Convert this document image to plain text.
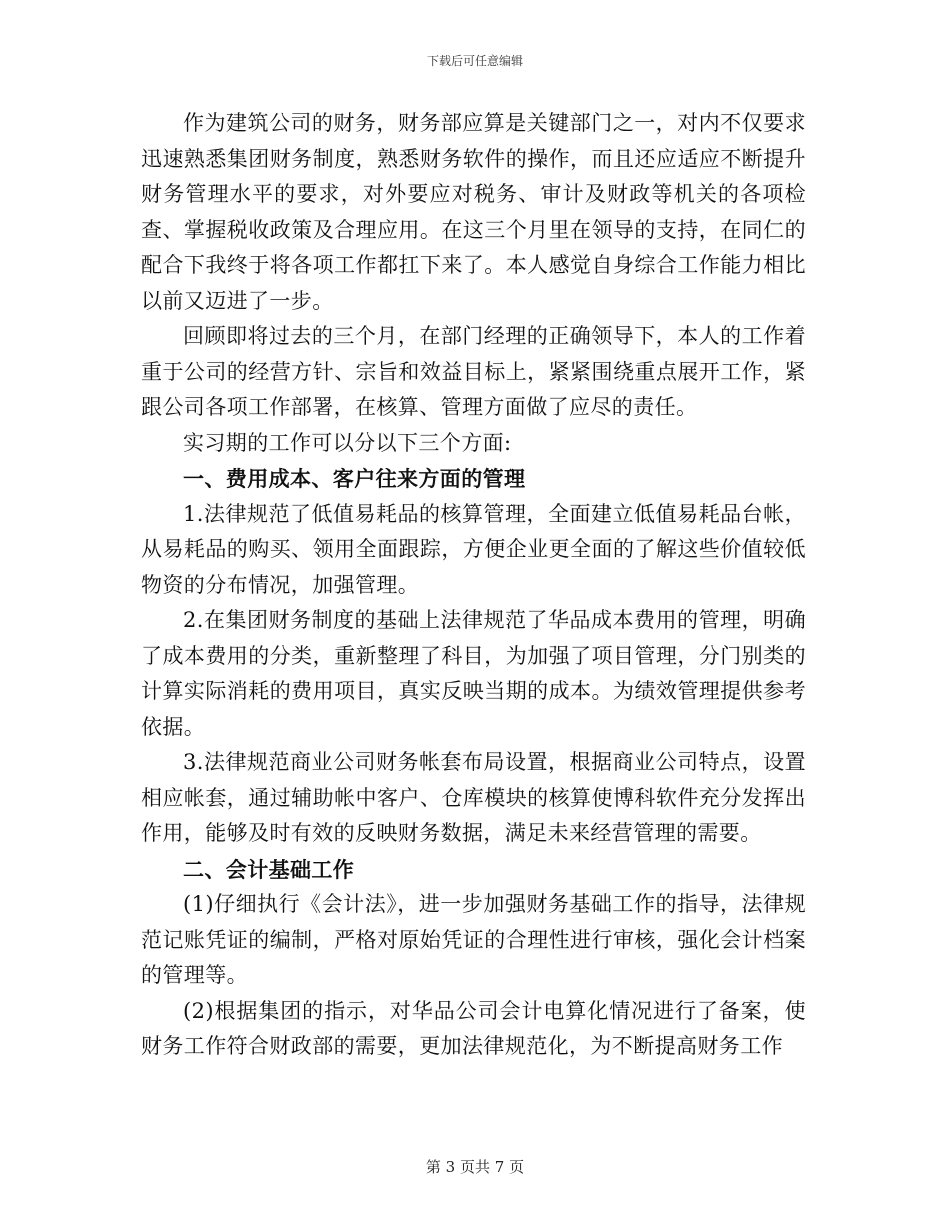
下载后可任意编辑

作为建筑公司的财务，财务部应算是关键部门之一，对内不仅要求迅速熟悉集团财务制度，熟悉财务软件的操作，而且还应适应不断提升财务管理水平的要求，对外要应对税务、审计及财政等机关的各项检查、掌握税收政策及合理应用。在这三个月里在领导的支持，在同仁的配合下我终于将各项工作都扛下来了。本人感觉自身综合工作能力相比以前又迈进了一步。

回顾即将过去的三个月，在部门经理的正确领导下，本人的工作着重于公司的经营方针、宗旨和效益目标上，紧紧围绕重点展开工作，紧跟公司各项工作部署，在核算、管理方面做了应尽的责任。

实习期的工作可以分以下三个方面:

一、费用成本、客户往来方面的管理

1.法律规范了低值易耗品的核算管理，全面建立低值易耗品台帐，从易耗品的购买、领用全面跟踪，方便企业更全面的了解这些价值较低物资的分布情况，加强管理。

2.在集团财务制度的基础上法律规范了华品成本费用的管理，明确了成本费用的分类，重新整理了科目，为加强了项目管理，分门别类的计算实际消耗的费用项目，真实反映当期的成本。为绩效管理提供参考依据。

3.法律规范商业公司财务帐套布局设置，根据商业公司特点，设置相应帐套，通过辅助帐中客户、仓库模块的核算使博科软件充分发挥出作用，能够及时有效的反映财务数据，满足未来经营管理的需要。

二、会计基础工作

(1)仔细执行《会计法》，进一步加强财务基础工作的指导，法律规范记账凭证的编制，严格对原始凭证的合理性进行审核，强化会计档案的管理等。

(2)根据集团的指示，对华品公司会计电算化情况进行了备案，使财务工作符合财政部的需要，更加法律规范化，为不断提高财务工作

第 3 页共 7 页
